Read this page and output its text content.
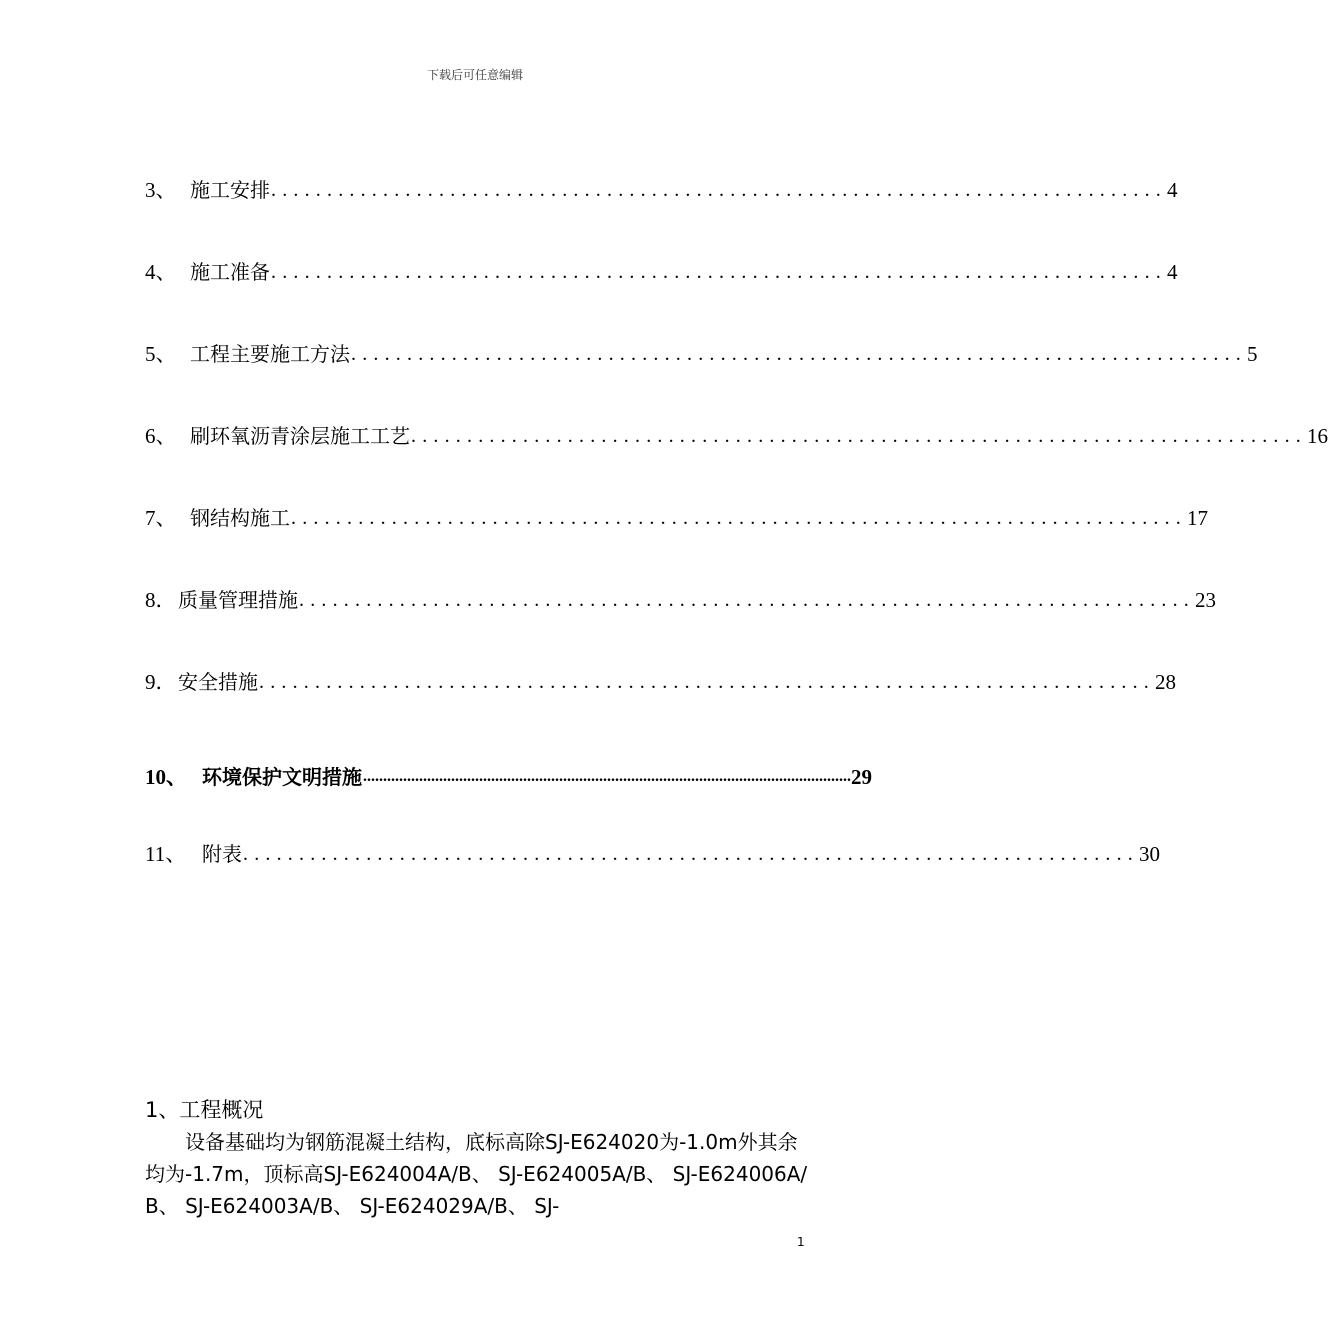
下载后可任意编辑
3、 施工安排 ................................................................................ 4
4、 施工准备 ................................................................................ 4
5、 工程主要施工方法 ................................................................................ 5
6、 刷环氧沥青涂层施工工艺 ................................................................................ 16
7、 钢结构施工 ................................................................................ 17
8． 质量管理措施 ................................................................................ 23
9． 安全措施 ................................................................................ 28
10、 环境保护文明措施 .......................................................................................................................... 29
11、 附表 ................................................................................ 30
1、工程概况
设备基础均为钢筋混凝土结构，底标高除SJ-E624020为-1.0m外其余均为-1.7m，顶标高SJ-E624004A/B、 SJ-E624005A/B、 SJ-E624006A/B、 SJ-E624003A/B、 SJ-E624029A/B、 SJ-
1
